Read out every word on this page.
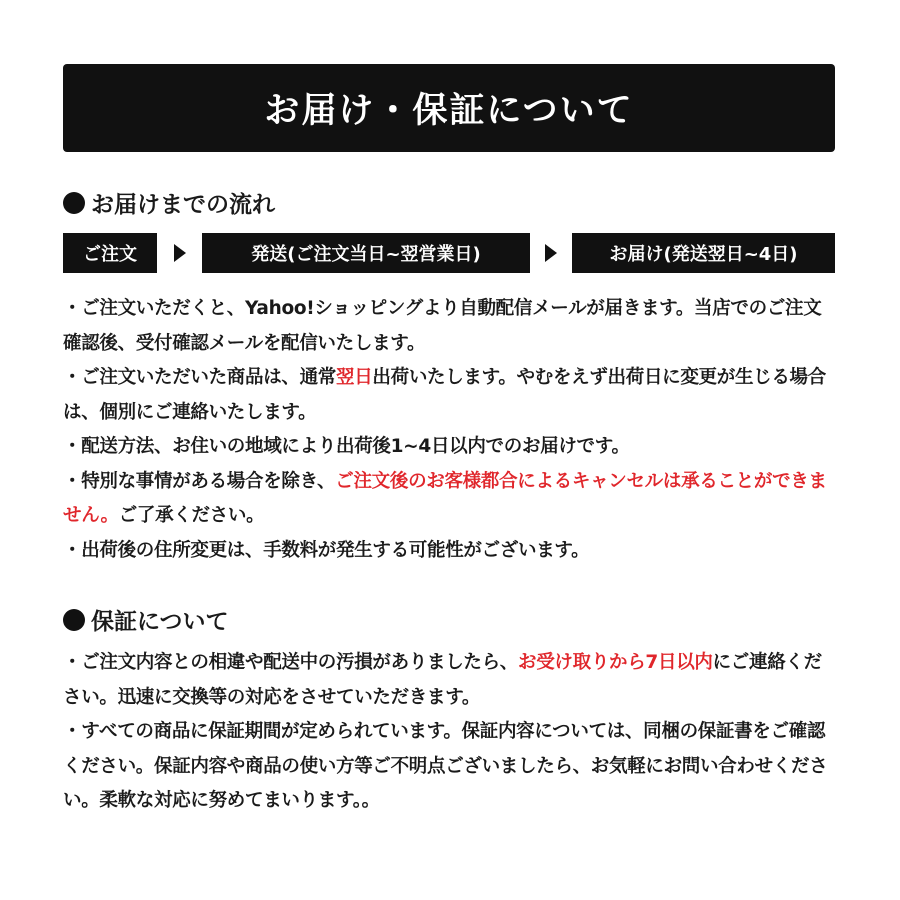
お届け・保証について
お届けまでの流れ
ご注文	発送(ご注文当日~翌営業日)	お届け(発送翌日~4日)

・ご注文いただくと、Yahoo!ショッピングより自動配信メールが届きます。当店でのご注文確認後、受付確認メールを配信いたします。

・ご注文いただいた商品は、通常翌日出荷いたします。やむをえず出荷日に変更が生じる場合は、個別にご連絡いたします。

・配送方法、お住いの地域により出荷後1~4日以内でのお届けです。

・特別な事情がある場合を除き、ご注文後のお客様都合によるキャンセルは承ることができません。ご了承ください。

・出荷後の住所変更は、手数料が発生する可能性がございます。

保証について

・ご注文内容との相違や配送中の汚損がありましたら、お受け取りから7日以内にご連絡ください。迅速に交換等の対応をさせていただきます。

・すべての商品に保証期間が定められています。保証内容については、同梱の保証書をご確認ください。保証内容や商品の使い方等ご不明点ございましたら、お気軽にお問い合わせください。柔軟な対応に努めてまいります。。
